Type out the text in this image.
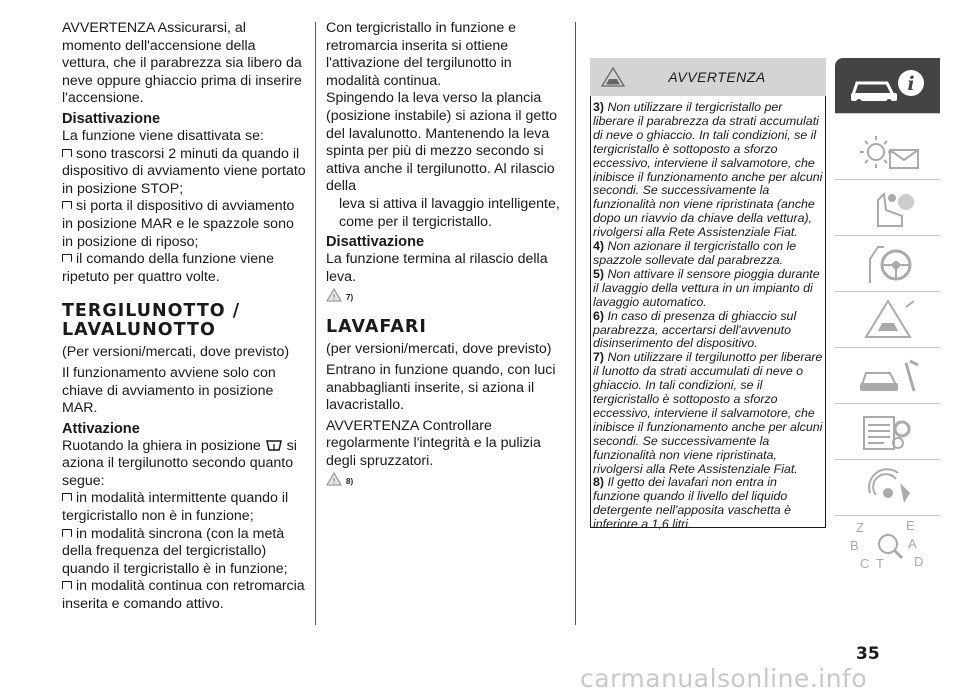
AVVERTENZA Assicurarsi, al momento dell'accensione della vettura, che il parabrezza sia libero da neve oppure ghiaccio prima di inserire l'accensione.
Disattivazione
La funzione viene disattivata se:
sono trascorsi 2 minuti da quando il dispositivo di avviamento viene portato in posizione STOP;
si porta il dispositivo di avviamento in posizione MAR e le spazzole sono in posizione di riposo;
il comando della funzione viene ripetuto per quattro volte.
TERGILUNOTTO / LAVALUNOTTO
(Per versioni/mercati, dove previsto)
Il funzionamento avviene solo con chiave di avviamento in posizione MAR.
Attivazione
Ruotando la ghiera in posizione si aziona il tergilunotto secondo quanto segue:
in modalità intermittente quando il tergicristallo non è in funzione;
in modalità sincrona (con la metà della frequenza del tergicristallo) quando il tergicristallo è in funzione;
in modalità continua con retromarcia inserita e comando attivo.
Con tergicristallo in funzione e retromarcia inserita si ottiene l'attivazione del tergilunotto in modalità continua.
Spingendo la leva verso la plancia (posizione instabile) si aziona il getto del lavalunotto. Mantenendo la leva spinta per più di mezzo secondo si attiva anche il tergilunotto. Al rilascio della
leva si attiva il lavaggio intelligente, come per il tergicristallo.
Disattivazione
La funzione termina al rilascio della leva.
! 7)
LAVAFARI
(per versioni/mercati, dove previsto)
Entrano in funzione quando, con luci anabbaglianti inserite, si aziona il lavacristallo.
AVVERTENZA Controllare regolarmente l'integrità e la pulizia degli spruzzatori.
! 8)
AVVERTENZA
3) Non utilizzare il tergicristallo per liberare il parabrezza da strati accumulati di neve o ghiaccio. In tali condizioni, se il tergicristallo è sottoposto a sforzo eccessivo, interviene il salvamotore, che inibisce il funzionamento anche per alcuni secondi. Se successivamente la funzionalità non viene ripristinata (anche dopo un riavvio da chiave della vettura), rivolgersi alla Rete Assistenziale Fiat.
4) Non azionare il tergicristallo con le spazzole sollevate dal parabrezza.
5) Non attivare il sensore pioggia durante il lavaggio della vettura in un impianto di lavaggio automatico.
6) In caso di presenza di ghiaccio sul parabrezza, accertarsi dell'avvenuto disinserimento del dispositivo.
7) Non utilizzare il tergilunotto per liberare il lunotto da strati accumulati di neve o ghiaccio. In tali condizioni, se il tergicristallo è sottoposto a sforzo eccessivo, interviene il salvamotore, che inibisce il funzionamento anche per alcuni secondi. Se successivamente la funzionalità non viene ripristinata, rivolgersi alla Rete Assistenziale Fiat.
8) Il getto dei lavafari non entra in funzione quando il livello del liquido detergente nell'apposita vaschetta è inferiore a 1,6 litri.
i
Z	E
B	A
C T D
35
carmanualsonline.info
